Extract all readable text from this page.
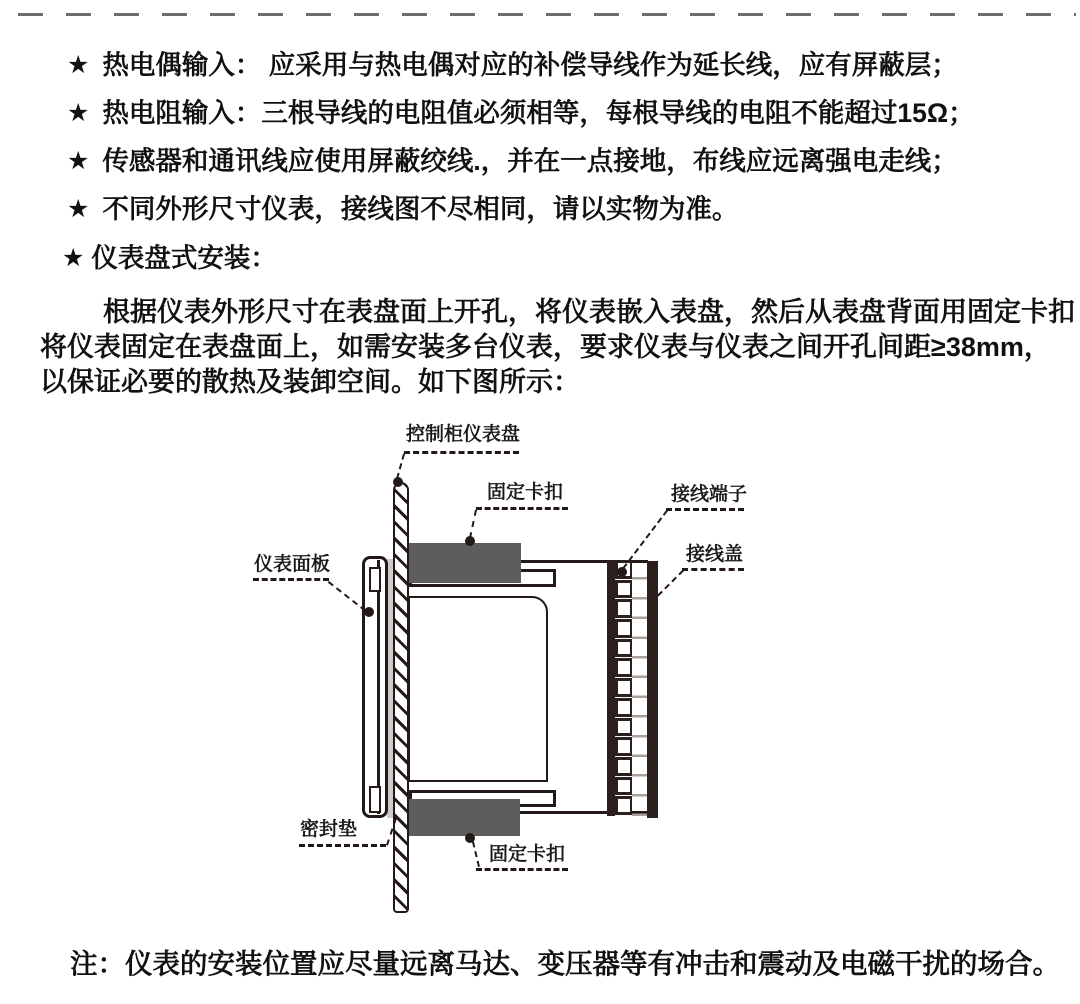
★ 热电偶输入： 应采用与热电偶对应的补偿导线作为延长线，应有屏蔽层；
★ 热电阻输入：三根导线的电阻值必须相等，每根导线的电阻不能超过15Ω；
★ 传感器和通讯线应使用屏蔽绞线.，并在一点接地，布线应远离强电走线；
★ 不同外形尺寸仪表，接线图不尽相同，请以实物为准。
★ 仪表盘式安装：
根据仪表外形尺寸在表盘面上开孔，将仪表嵌入表盘，然后从表盘背面用固定卡扣
将仪表固定在表盘面上，如需安装多台仪表，要求仪表与仪表之间开孔间距≥38mm，
以保证必要的散热及装卸空间。如下图所示：
控制柜仪表盘
固定卡扣	接线端子
接线盖
仪表面板
密封垫
固定卡扣
注：仪表的安装位置应尽量远离马达、变压器等有冲击和震动及电磁干扰的场合。
